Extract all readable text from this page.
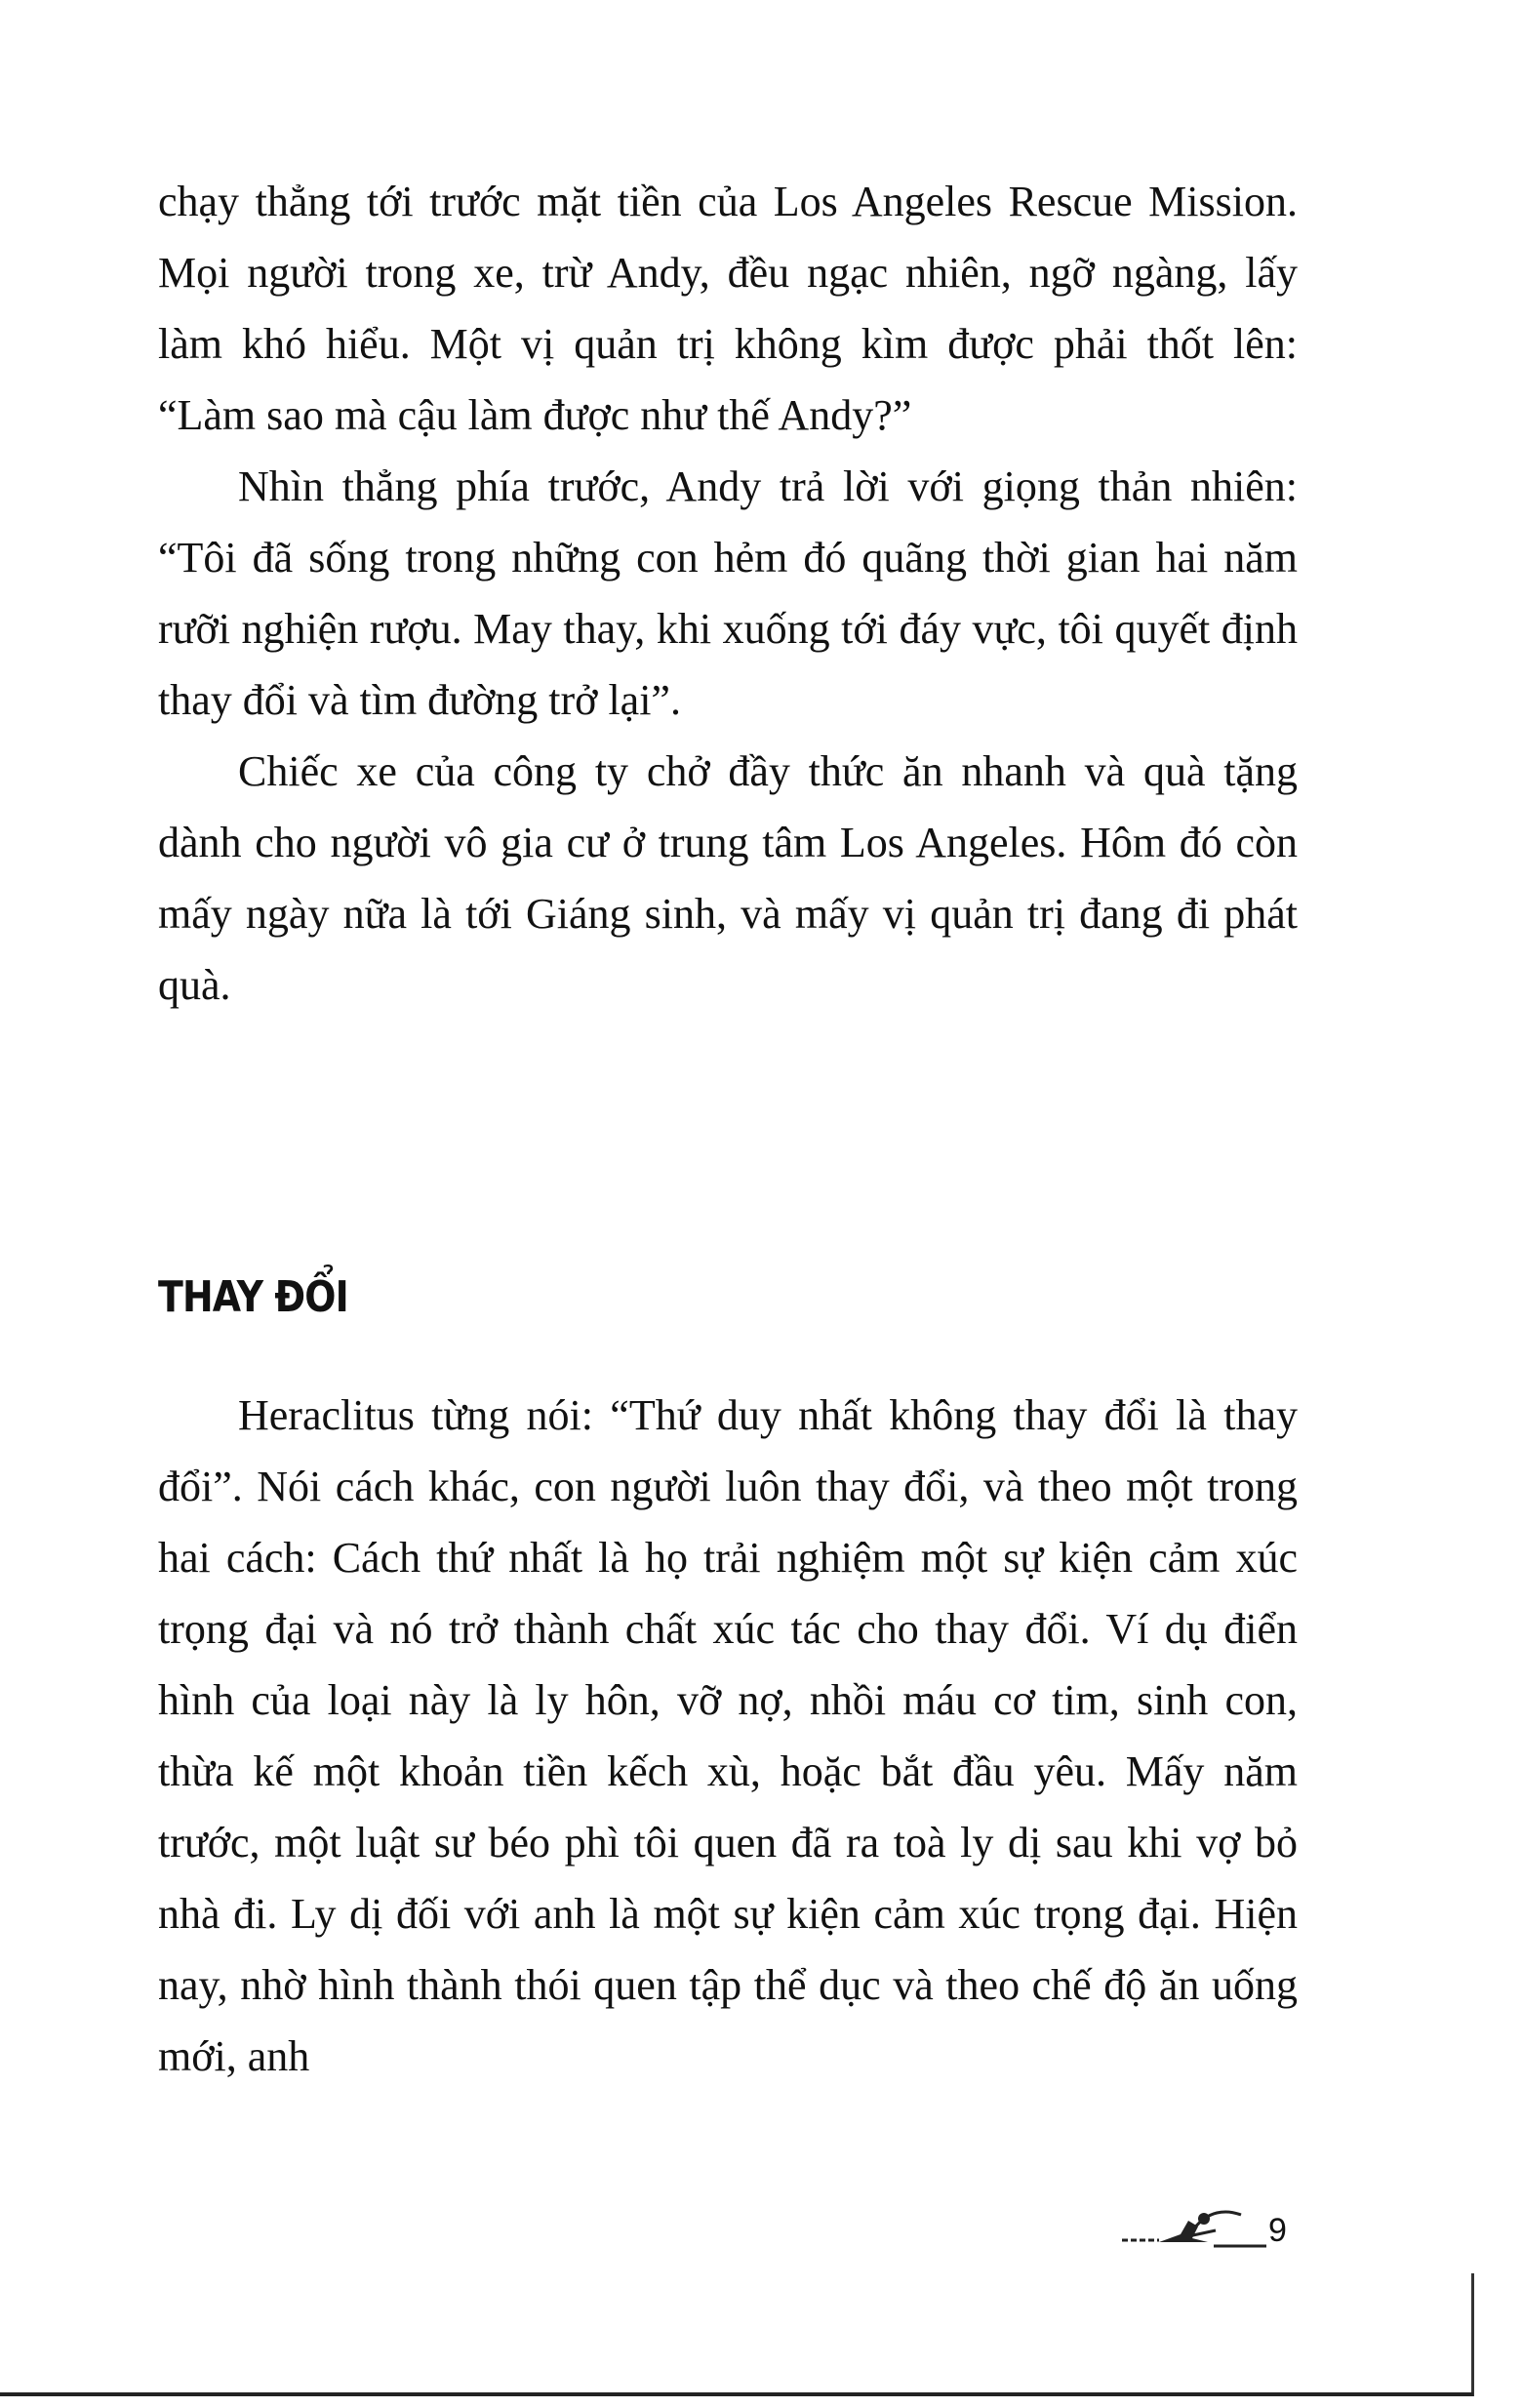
chạy thẳng tới trước mặt tiền của Los Angeles Rescue Mission. Mọi người trong xe, trừ Andy, đều ngạc nhiên, ngỡ ngàng, lấy làm khó hiểu. Một vị quản trị không kìm được phải thốt lên: “Làm sao mà cậu làm được như thế Andy?”

Nhìn thẳng phía trước, Andy trả lời với giọng thản nhiên: “Tôi đã sống trong những con hẻm đó quãng thời gian hai năm rưỡi nghiện rượu. May thay, khi xuống tới đáy vực, tôi quyết định thay đổi và tìm đường trở lại”.

Chiếc xe của công ty chở đầy thức ăn nhanh và quà tặng dành cho người vô gia cư ở trung tâm Los Angeles. Hôm đó còn mấy ngày nữa là tới Giáng sinh, và mấy vị quản trị đang đi phát quà.

THAY ĐỔI

Heraclitus từng nói: “Thứ duy nhất không thay đổi là thay đổi”. Nói cách khác, con người luôn thay đổi, và theo một trong hai cách: Cách thứ nhất là họ trải nghiệm một sự kiện cảm xúc trọng đại và nó trở thành chất xúc tác cho thay đổi. Ví dụ điển hình của loại này là ly hôn, vỡ nợ, nhồi máu cơ tim, sinh con, thừa kế một khoản tiền kếch xù, hoặc bắt đầu yêu. Mấy năm trước, một luật sư béo phì tôi quen đã ra toà ly dị sau khi vợ bỏ nhà đi. Ly dị đối với anh là một sự kiện cảm xúc trọng đại. Hiện nay, nhờ hình thành thói quen tập thể dục và theo chế độ ăn uống mới, anh

9
